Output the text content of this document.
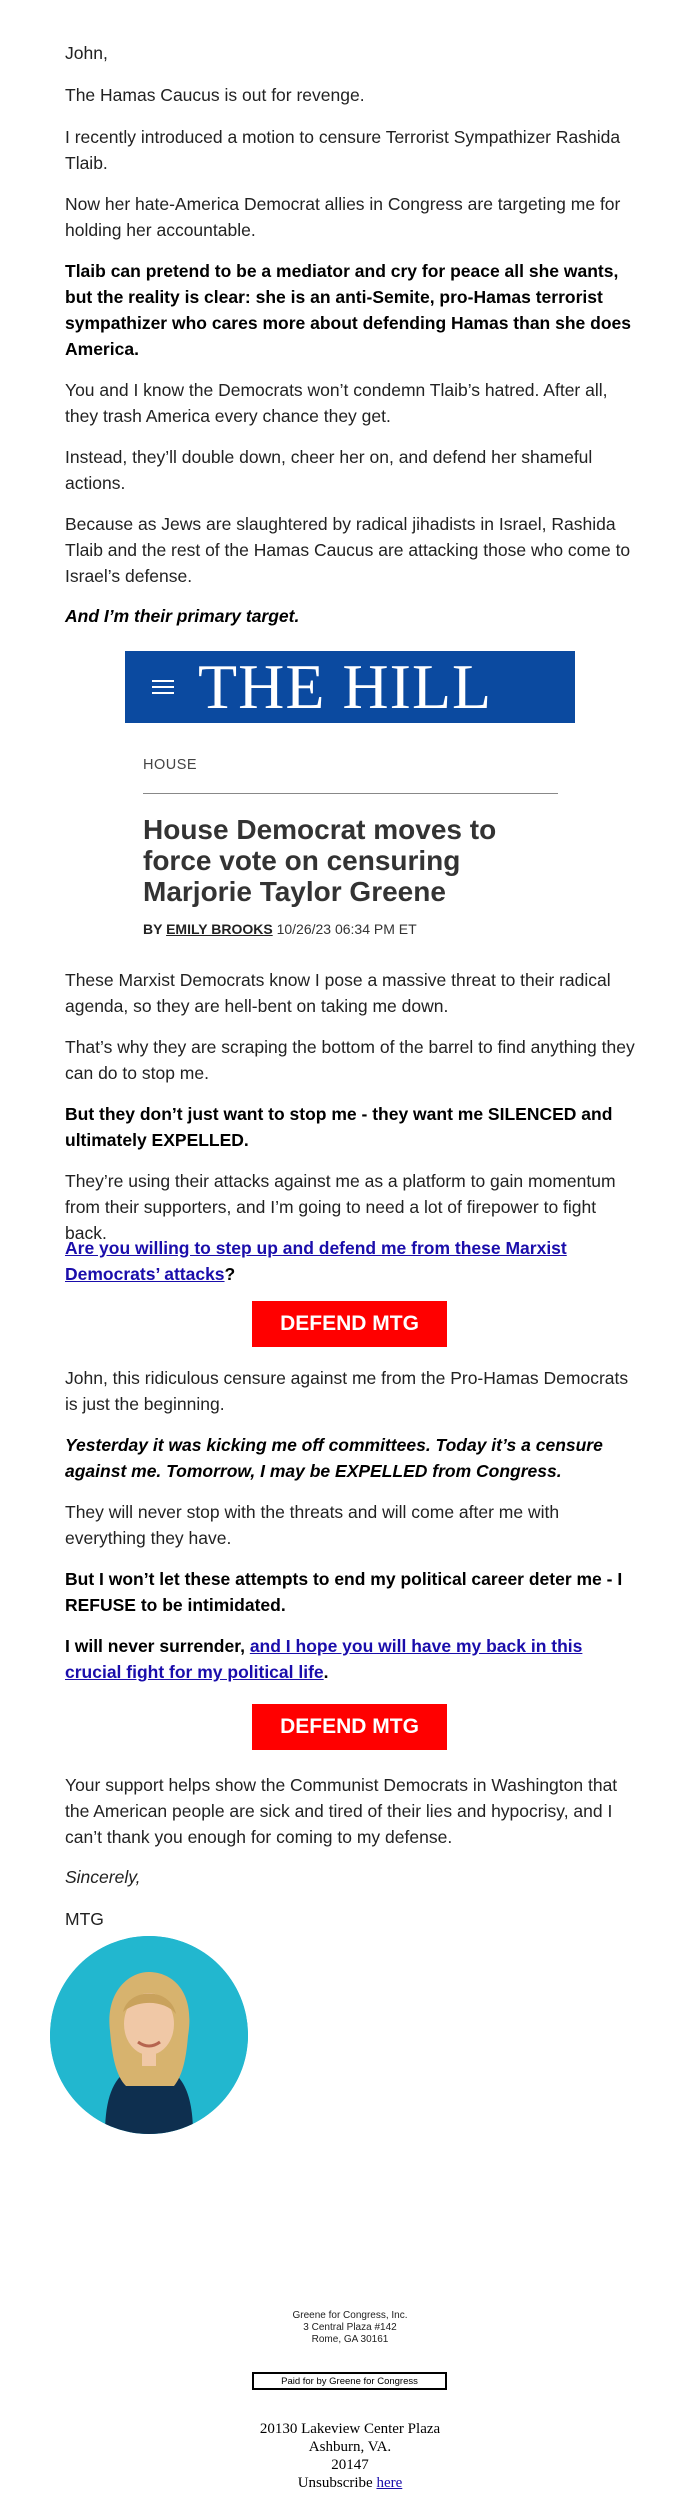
John,

The Hamas Caucus is out for revenge.

I recently introduced a motion to censure Terrorist Sympathizer Rashida Tlaib.

Now her hate-America Democrat allies in Congress are targeting me for holding her accountable.

Tlaib can pretend to be a mediator and cry for peace all she wants, but the reality is clear: she is an anti-Semite, pro-Hamas terrorist sympathizer who cares more about defending Hamas than she does America.

You and I know the Democrats won’t condemn Tlaib’s hatred. After all, they trash America every chance they get.

Instead, they’ll double down, cheer her on, and defend her shameful actions.

Because as Jews are slaughtered by radical jihadists in Israel, Rashida Tlaib and the rest of the Hamas Caucus are attacking those who come to Israel’s defense.

And I’m their primary target.

THE HILL
HOUSE
House Democrat moves to force vote on censuring Marjorie Taylor Greene
BY EMILY BROOKS 10/26/23 06:34 PM ET

These Marxist Democrats know I pose a massive threat to their radical agenda, so they are hell-bent on taking me down.

That’s why they are scraping the bottom of the barrel to find anything they can do to stop me.

But they don’t just want to stop me - they want me SILENCED and ultimately EXPELLED.

They’re using their attacks against me as a platform to gain momentum from their supporters, and I’m going to need a lot of firepower to fight back.

Are you willing to step up and defend me from these Marxist Democrats’ attacks?

DEFEND MTG

John, this ridiculous censure against me from the Pro-Hamas Democrats is just the beginning.

Yesterday it was kicking me off committees. Today it’s a censure against me. Tomorrow, I may be EXPELLED from Congress.

They will never stop with the threats and will come after me with everything they have.

But I won’t let these attempts to end my political career deter me - I REFUSE to be intimidated.

I will never surrender, and I hope you will have my back in this crucial fight for my political life.

DEFEND MTG

Your support helps show the Communist Democrats in Washington that the American people are sick and tired of their lies and hypocrisy, and I can’t thank you enough for coming to my defense.

Sincerely,

MTG

Greene for Congress, Inc.
3 Central Plaza #142
Rome, GA 30161
Paid for by Greene for Congress
20130 Lakeview Center Plaza
Ashburn, VA.
20147
Unsubscribe here
